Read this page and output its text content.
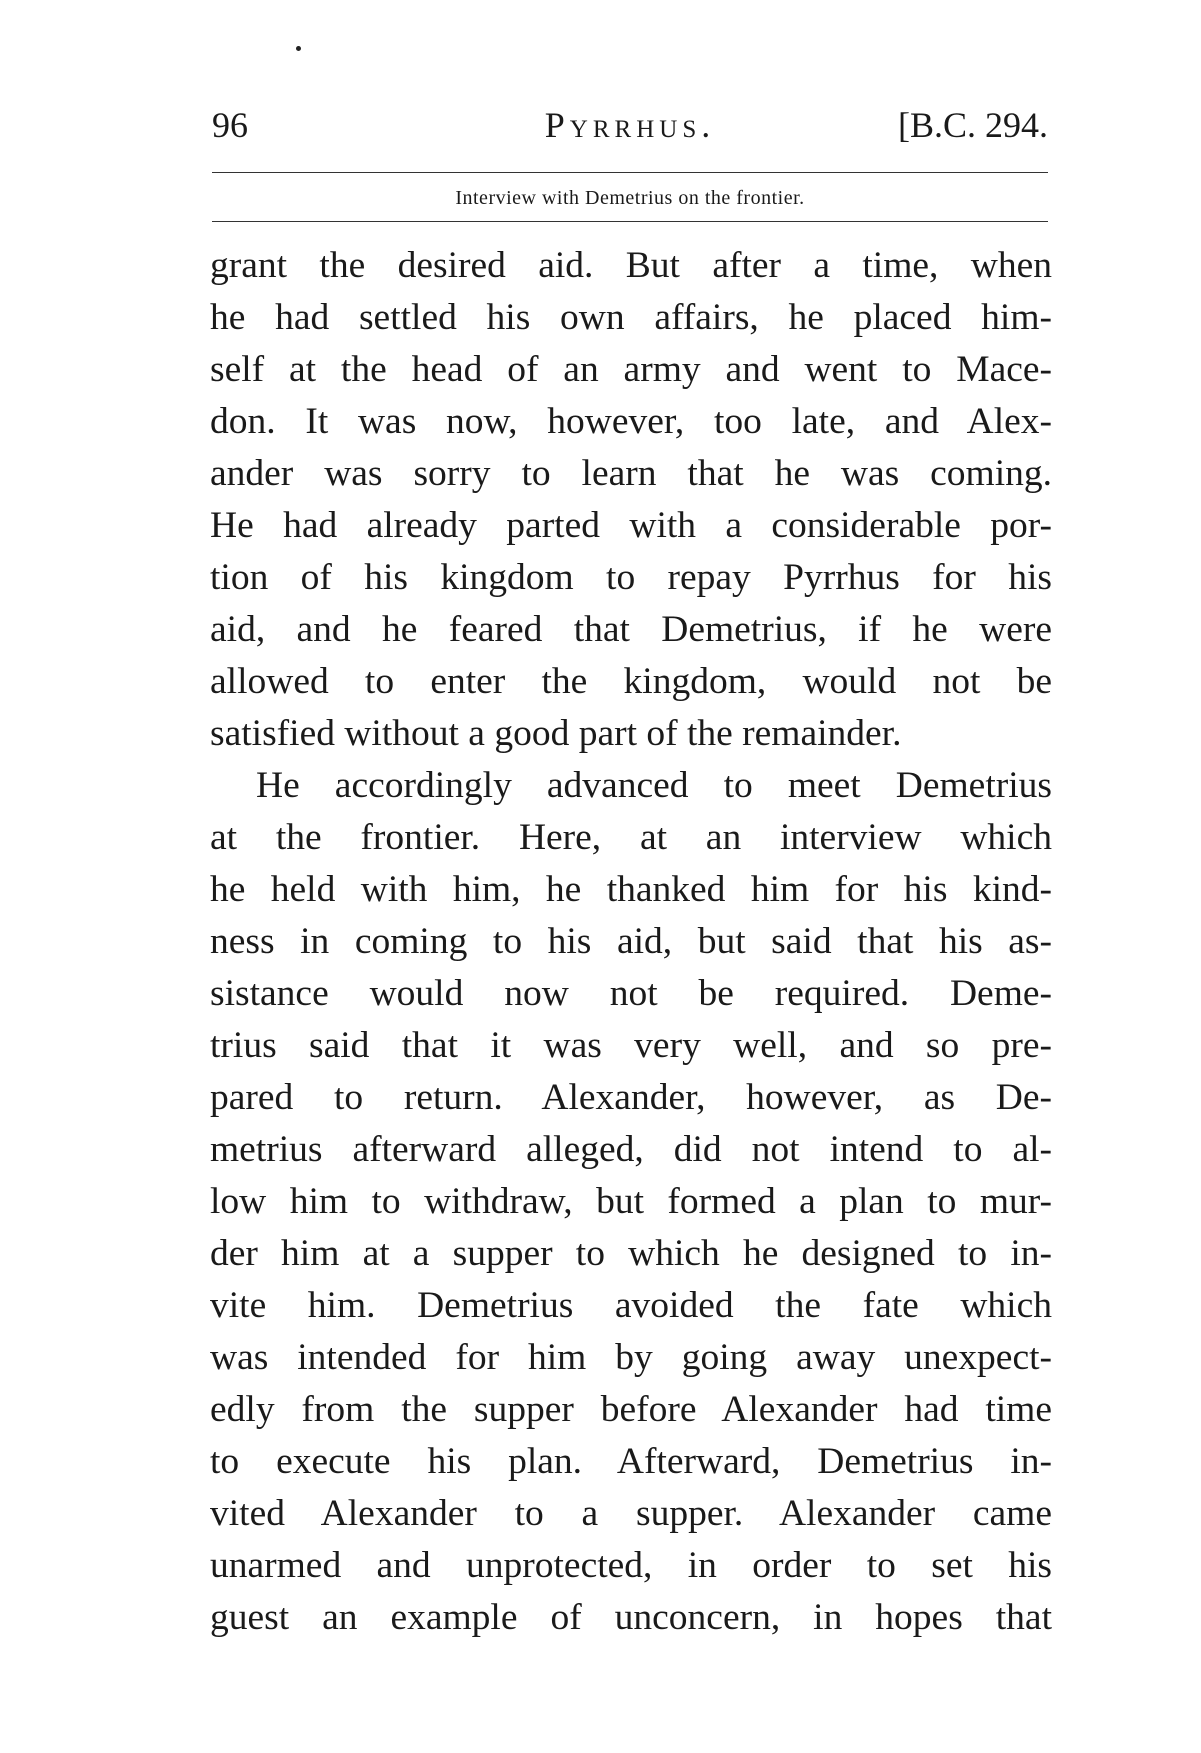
96	Pyrrhus.	[B.C. 294.
Interview with Demetrius on the frontier.
grant the desired aid. But after a time, when
he had settled his own affairs, he placed him-
self at the head of an army and went to Mace-
don. It was now, however, too late, and Alex-
ander was sorry to learn that he was coming.
He had already parted with a considerable por-
tion of his kingdom to repay Pyrrhus for his
aid, and he feared that Demetrius, if he were
allowed to enter the kingdom, would not be
satisfied without a good part of the remainder.
He accordingly advanced to meet Demetrius
at the frontier. Here, at an interview which
he held with him, he thanked him for his kind-
ness in coming to his aid, but said that his as-
sistance would now not be required. Deme-
trius said that it was very well, and so pre-
pared to return. Alexander, however, as De-
metrius afterward alleged, did not intend to al-
low him to withdraw, but formed a plan to mur-
der him at a supper to which he designed to in-
vite him. Demetrius avoided the fate which
was intended for him by going away unexpect-
edly from the supper before Alexander had time
to execute his plan. Afterward, Demetrius in-
vited Alexander to a supper. Alexander came
unarmed and unprotected, in order to set his
guest an example of unconcern, in hopes that
